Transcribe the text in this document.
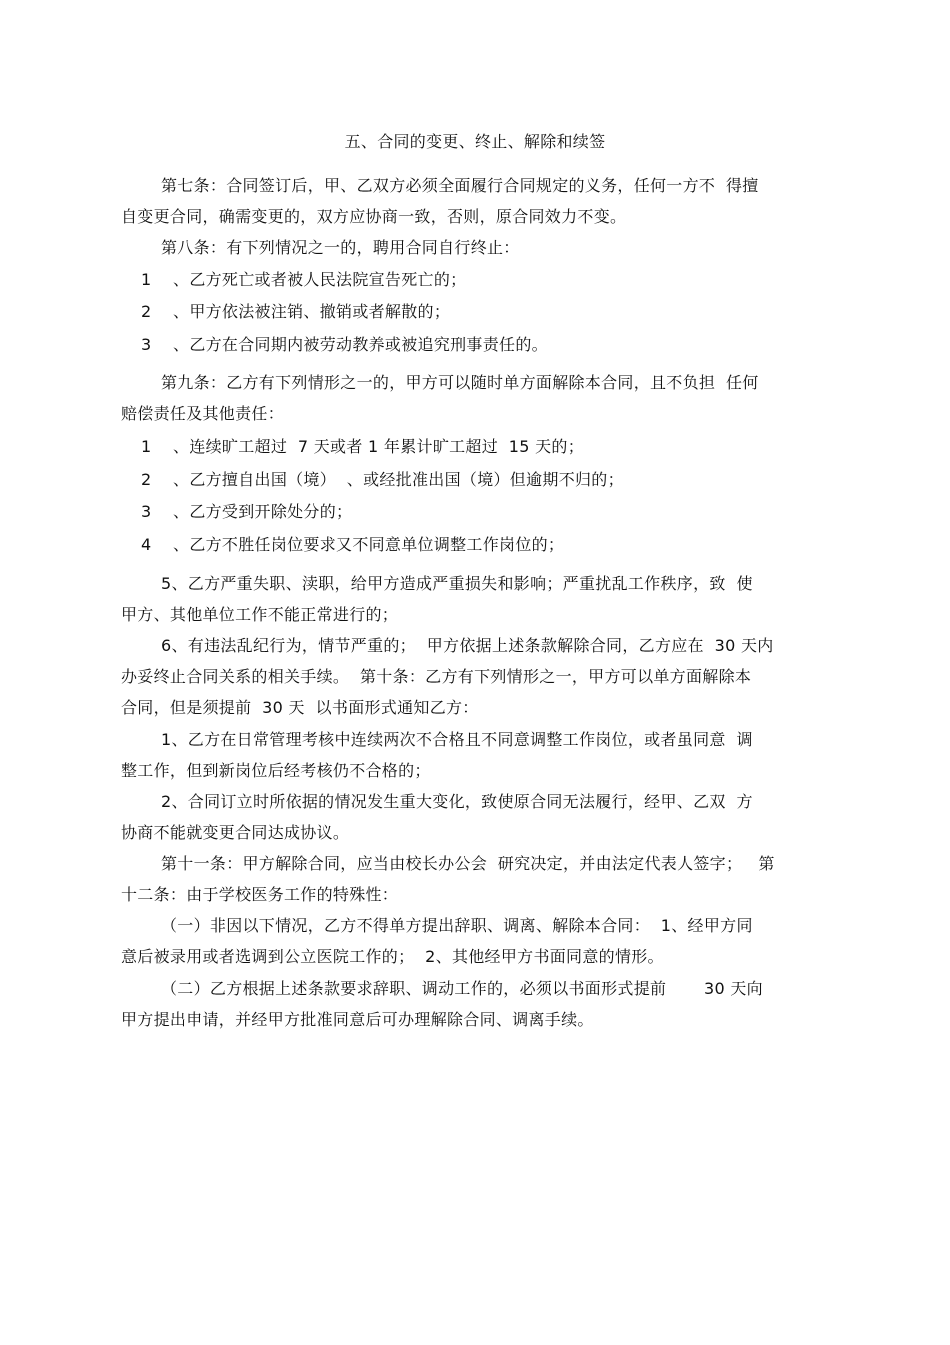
五、合同的变更、终止、解除和续签
第七条：合同签订后，甲、乙双方必须全面履行合同规定的义务，任何一方不  得擅
自变更合同，确需变更的，双方应协商一致，否则，原合同效力不变。
第八条：有下列情况之一的，聘用合同自行终止：
1    、乙方死亡或者被人民法院宣告死亡的；
2    、甲方依法被注销、撤销或者解散的；
3    、乙方在合同期内被劳动教养或被追究刑事责任的。
第九条：乙方有下列情形之一的，甲方可以随时单方面解除本合同，且不负担  任何
赔偿责任及其他责任：
1    、连续旷工超过  7 天或者 1 年累计旷工超过  15 天的；
2    、乙方擅自出国（境）  、或经批准出国（境）但逾期不归的；
3    、乙方受到开除处分的；
4    、乙方不胜任岗位要求又不同意单位调整工作岗位的；
5、乙方严重失职、渎职，给甲方造成严重损失和影响；严重扰乱工作秩序，致  使
甲方、其他单位工作不能正常进行的；
6、有违法乱纪行为，情节严重的；  甲方依据上述条款解除合同，乙方应在  30 天内
办妥终止合同关系的相关手续。  第十条：乙方有下列情形之一，甲方可以单方面解除本
合同，但是须提前  30 天  以书面形式通知乙方：
1、乙方在日常管理考核中连续两次不合格且不同意调整工作岗位，或者虽同意  调
整工作，但到新岗位后经考核仍不合格的；
2、合同订立时所依据的情况发生重大变化，致使原合同无法履行，经甲、乙双  方
协商不能就变更合同达成协议。
第十一条：甲方解除合同，应当由校长办公会  研究决定，并由法定代表人签字；   第
十二条：由于学校医务工作的特殊性：
（一）非因以下情况，乙方不得单方提出辞职、调离、解除本合同：  1、经甲方同
意后被录用或者选调到公立医院工作的；  2、其他经甲方书面同意的情形。
（二）乙方根据上述条款要求辞职、调动工作的，必须以书面形式提前       30 天向
甲方提出申请，并经甲方批准同意后可办理解除合同、调离手续。
